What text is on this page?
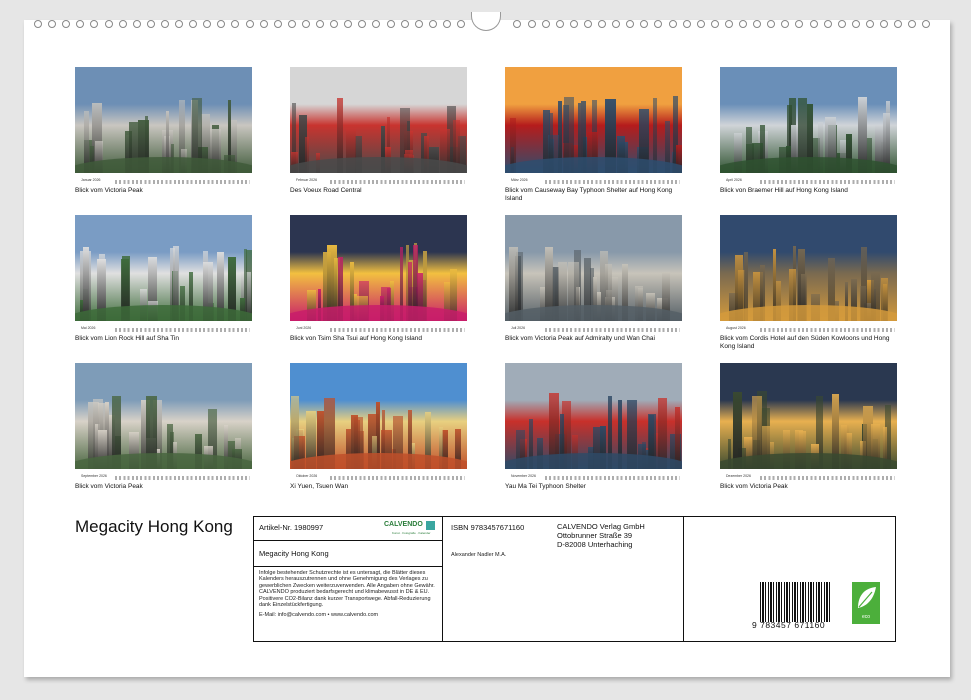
Januar 2026
Blick vom Victoria Peak
Februar 2026
Des Voeux Road Central
März 2026
Blick vom Causeway Bay Typhoon Shelter auf Hong Kong Island
April 2026
Blick von Braemer Hill auf Hong Kong Island
Mai 2026
Blick vom Lion Rock Hill auf Sha Tin
Juni 2026
Blick von Tsim Sha Tsui auf Hong Kong Island
Juli 2026
Blick vom Victoria Peak auf Admiralty und Wan Chai
August 2026
Blick vom Cordis Hotel auf den Süden Kowloons und Hong Kong Island
September 2026
Blick vom Victoria Peak
Oktober 2026
Xi Yuen, Tsuen Wan
November 2026
Yau Ma Tei Typhoon Shelter
Dezember 2026
Blick vom Victoria Peak
Megacity Hong Kong	Artikel-Nr. 1980997	CALVENDO
Kunst · Fotografie · Kalender
Megacity Hong Kong
Infolge bestehender Schutzrechte ist es untersagt, die Blätter dieses Kalenders herauszutrennen und ohne Genehmigung des Verlages zu gewerblichen Zwecken weiterzuverwenden. Alle Angaben ohne Gewähr. CALVENDO produziert bedarfsgerecht und klimabewusst in DE & EU. Positivere CO2-Bilanz dank kurzer Transportwege. Abfall-Reduzierung dank Einzelstückfertigung.
E-Mail: info@calvendo.com • www.calvendo.com
ISBN 9783457671160
Alexander Nadler M.A.
CALVENDO Verlag GmbH
Ottobrunner Straße 39
D-82008 Unterhaching
9 783457 671160
eco
